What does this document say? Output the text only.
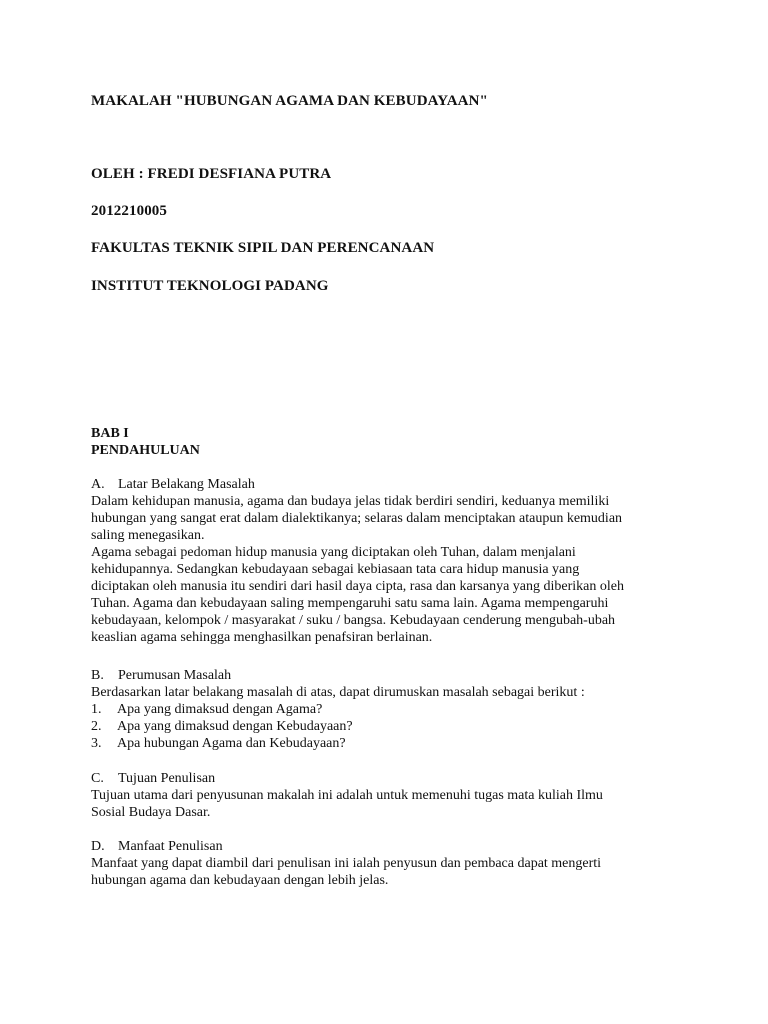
MAKALAH "HUBUNGAN AGAMA DAN KEBUDAYAAN"
OLEH : FREDI DESFIANA PUTRA
2012210005
FAKULTAS TEKNIK SIPIL DAN PERENCANAAN
INSTITUT TEKNOLOGI PADANG

BAB I

PENDAHULUAN

A. Latar Belakang Masalah

Dalam kehidupan manusia, agama dan budaya jelas tidak berdiri sendiri, keduanya memiliki

hubungan yang sangat erat dalam dialektikanya; selaras dalam menciptakan ataupun kemudian

saling menegasikan.

Agama sebagai pedoman hidup manusia yang diciptakan oleh Tuhan, dalam menjalani

kehidupannya. Sedangkan kebudayaan sebagai kebiasaan tata cara hidup manusia yang

diciptakan oleh manusia itu sendiri dari hasil daya cipta, rasa dan karsanya yang diberikan oleh

Tuhan. Agama dan kebudayaan saling mempengaruhi satu sama lain. Agama mempengaruhi

kebudayaan, kelompok / masyarakat / suku / bangsa. Kebudayaan cenderung mengubah-ubah

keaslian agama sehingga menghasilkan penafsiran berlainan.

B. Perumusan Masalah

Berdasarkan latar belakang masalah di atas, dapat dirumuskan masalah sebagai berikut :

1. Apa yang dimaksud dengan Agama?

2. Apa yang dimaksud dengan Kebudayaan?

3. Apa hubungan Agama dan Kebudayaan?

C. Tujuan Penulisan

Tujuan utama dari penyusunan makalah ini adalah untuk memenuhi tugas mata kuliah Ilmu

Sosial Budaya Dasar.

D. Manfaat Penulisan

Manfaat yang dapat diambil dari penulisan ini ialah penyusun dan pembaca dapat mengerti

hubungan agama dan kebudayaan dengan lebih jelas.
